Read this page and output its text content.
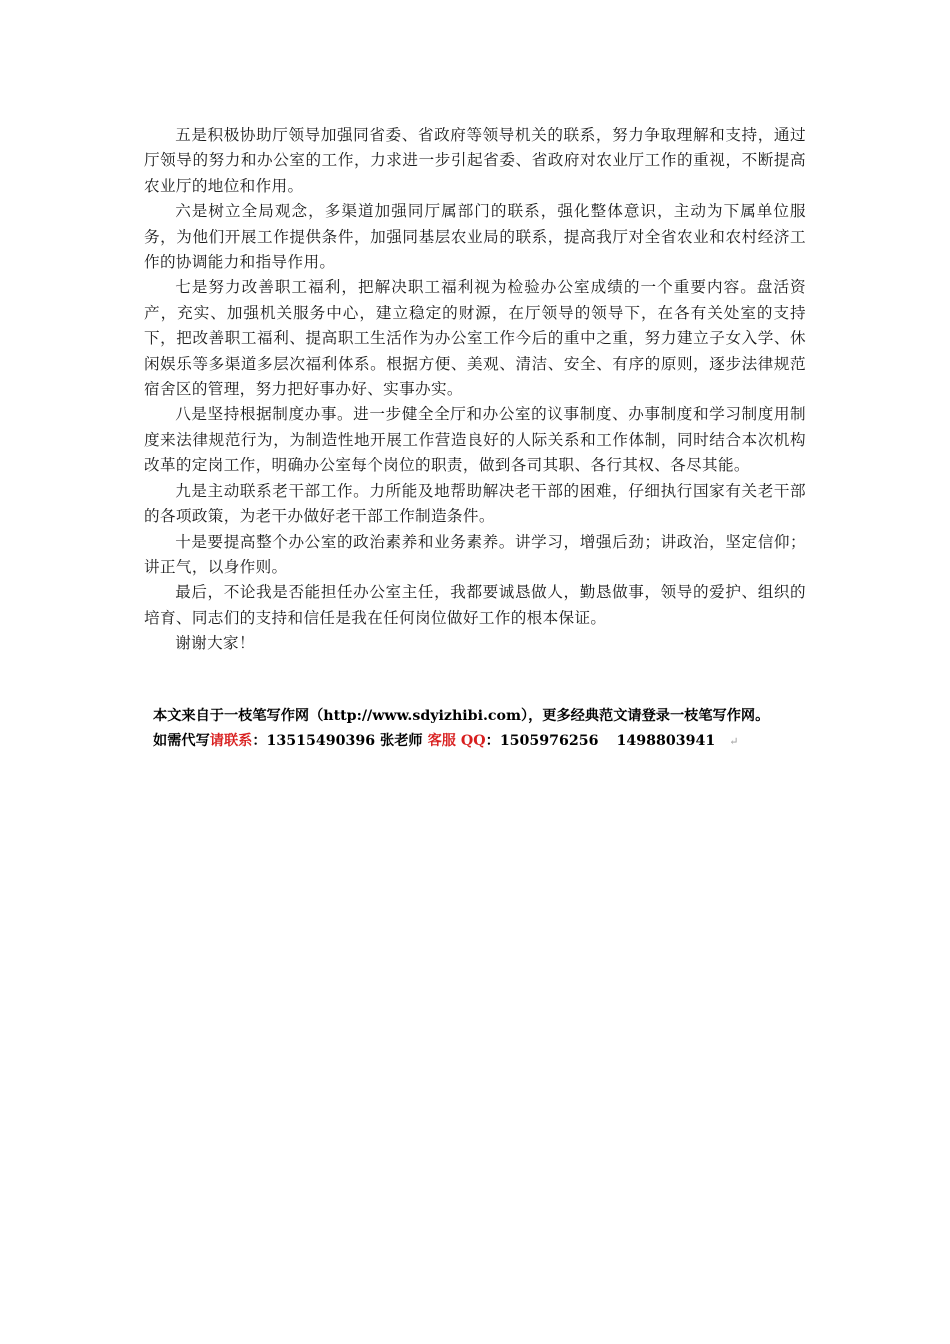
五是积极协助厅领导加强同省委、省政府等领导机关的联系，努力争取理解和支持，通过厅领导的努力和办公室的工作，力求进一步引起省委、省政府对农业厅工作的重视，不断提高农业厅的地位和作用。

六是树立全局观念，多渠道加强同厅属部门的联系，强化整体意识，主动为下属单位服务，为他们开展工作提供条件，加强同基层农业局的联系，提高我厅对全省农业和农村经济工作的协调能力和指导作用。

七是努力改善职工福利，把解决职工福利视为检验办公室成绩的一个重要内容。盘活资产，充实、加强机关服务中心，建立稳定的财源，在厅领导的领导下，在各有关处室的支持下，把改善职工福利、提高职工生活作为办公室工作今后的重中之重，努力建立子女入学、休闲娱乐等多渠道多层次福利体系。根据方便、美观、清洁、安全、有序的原则，逐步法律规范宿舍区的管理，努力把好事办好、实事办实。

八是坚持根据制度办事。进一步健全全厅和办公室的议事制度、办事制度和学习制度用制度来法律规范行为，为制造性地开展工作营造良好的人际关系和工作体制，同时结合本次机构改革的定岗工作，明确办公室每个岗位的职责，做到各司其职、各行其权、各尽其能。

九是主动联系老干部工作。力所能及地帮助解决老干部的困难，仔细执行国家有关老干部的各项政策，为老干办做好老干部工作制造条件。

十是要提高整个办公室的政治素养和业务素养。讲学习，增强后劲；讲政治，坚定信仰；讲正气，以身作则。

最后，不论我是否能担任办公室主任，我都要诚恳做人，勤恳做事，领导的爱护、组织的培育、同志们的支持和信任是我在任何岗位做好工作的根本保证。

谢谢大家！

本文来自于一枝笔写作网（http://www.sdyizhibi.com），更多经典范文请登录一枝笔写作网。
如需代写请联系：13515490396 张老师 客服 QQ：1505976256 1498803941 ↵
